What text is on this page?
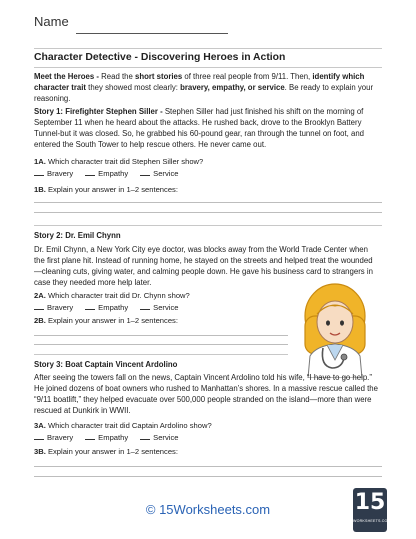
Name
Character Detective - Discovering Heroes in Action
Meet the Heroes - Read the short stories of three real people from 9/11. Then, identify which character trait they showed most clearly: bravery, empathy, or service. Be ready to explain your reasoning.
Story 1: Firefighter Stephen Siller - Stephen Siller had just finished his shift on the morning of September 11 when he heard about the attacks. He rushed back, drove to the Brooklyn Battery Tunnel-but it was closed. So, he grabbed his 60-pound gear, ran through the tunnel on foot, and entered the South Tower to help rescue others. He never came out.
1A. Which character trait did Stephen Siller show?
Bravery	Empathy	Service
1B. Explain your answer in 1–2 sentences:
Story 2: Dr. Emil Chynn
Dr. Emil Chynn, a New York City eye doctor, was blocks away from the World Trade Center when the first plane hit. Instead of running home, he stayed on the streets and helped treat the wounded—cleaning cuts, giving water, and calming people down. He gave his business card to strangers in case they needed more help later.
2A. Which character trait did Dr. Chynn show?
Bravery	Empathy	Service
2B. Explain your answer in 1–2 sentences:
Story 3: Boat Captain Vincent Ardolino
After seeing the towers fall on the news, Captain Vincent Ardolino told his wife, “I have to go help.” He joined dozens of boat owners who rushed to Manhattan’s shores. In a massive rescue called the “9/11 boatlift,” they helped evacuate over 500,000 people stranded on the island—more than were rescued at Dunkirk in WWII.
3A. Which character trait did Captain Ardolino show?
Bravery	Empathy	Service
3B. Explain your answer in 1–2 sentences:
© 15Worksheets.com	15
WORKSHEETS.COM
